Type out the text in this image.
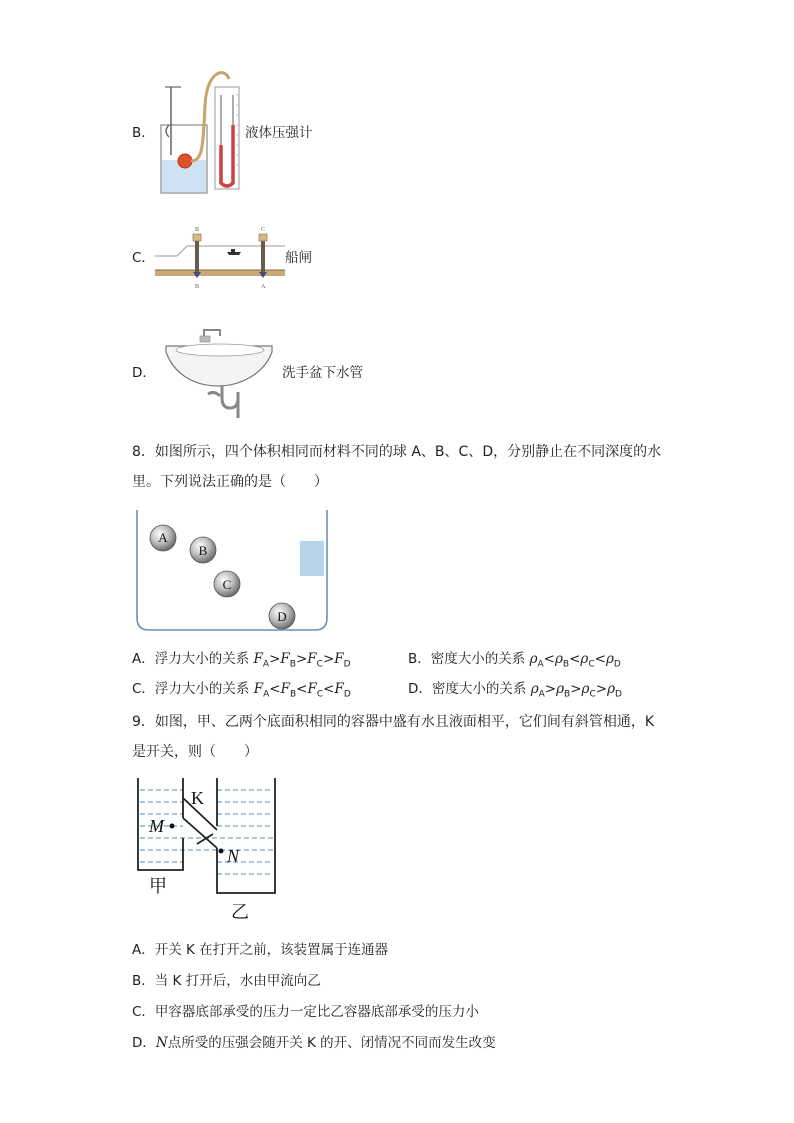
B．	液体压强计
C．
B	C
B	A
船闸
D．	洗手盆下水管
8．如图所示，四个体积相同而材料不同的球 A、B、C、D，分别静止在不同深度的水
里。下列说法正确的是（　　）
A
B
C
D
A．浮力大小的关系 $F_A>F_B>F_C>F_D$	B．密度大小的关系 $\rho_A<\rho_B<\rho_C<\rho_D$
C．浮力大小的关系 $F_A<F_B<F_C<F_D$	D．密度大小的关系 $\rho_A>\rho_B>\rho_C>\rho_D$
9．如图，甲、乙两个底面积相同的容器中盛有水且液面相平，它们间有斜管相通，K
是开关，则（　　）
K
M
N
甲
乙
A．开关 K 在打开之前，该装置属于连通器
B．当 K 打开后，水由甲流向乙
C．甲容器底部承受的压力一定比乙容器底部承受的压力小
D．N点所受的压强会随开关 K 的开、闭情况不同而发生改变
